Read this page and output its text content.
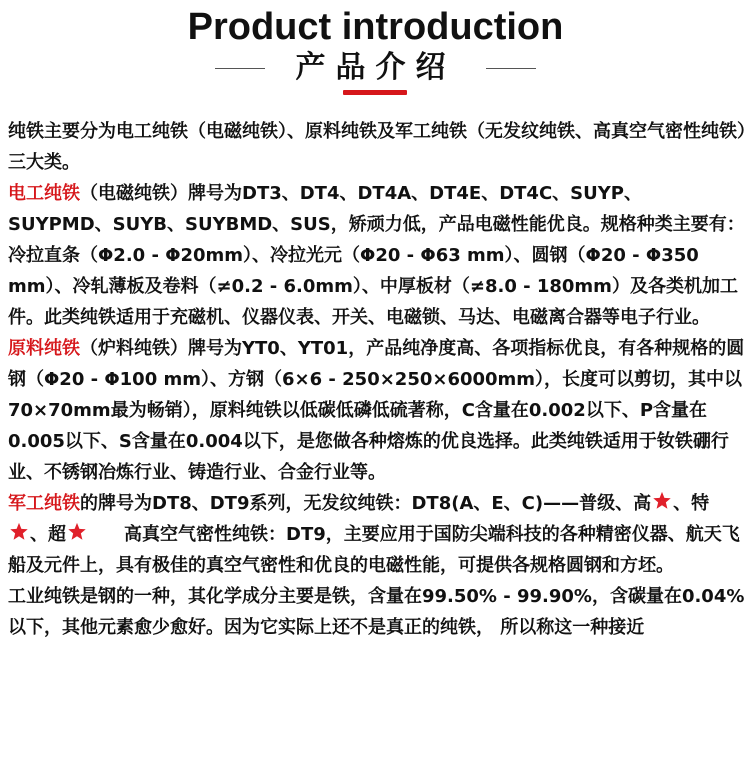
Product introduction
产品介绍

纯铁主要分为电工纯铁（电磁纯铁）、原料纯铁及军工纯铁（无发纹纯铁、高真空气密性纯铁）三大类。

电工纯铁（电磁纯铁）牌号为DT3、DT4、DT4A、DT4E、DT4C、SUYP、SUYPMD、SUYB、SUYBMD、SUS，矫顽力低，产品电磁性能优良。规格种类主要有：冷拉直条（Φ2.0 - Φ20mm）、冷拉光元（Φ20 - Φ63 mm）、圆钢（Φ20 - Φ350 mm）、冷轧薄板及卷料（≠0.2 - 6.0mm）、中厚板材（≠8.0 - 180mm）及各类机加工件。此类纯铁适用于充磁机、仪器仪表、开关、电磁锁、马达、电磁离合器等电子行业。

原料纯铁（炉料纯铁）牌号为YT0、YT01，产品纯净度高、各项指标优良，有各种规格的圆钢（Φ20 - Φ100 mm）、方钢（6×6 - 250×250×6000mm），长度可以剪切，其中以70×70mm最为畅销），原料纯铁以低碳低磷低硫著称，C含量在0.002以下、P含量在0.005以下、S含量在0.004以下，是您做各种熔炼的优良选择。此类纯铁适用于钕铁硼行业、不锈钢冶炼行业、铸造行业、合金行业等。

军工纯铁的牌号为DT8、DT9系列，无发纹纯铁：DT8(A、E、C)——普级、高 、特

、超	高真空气密性纯铁：DT9，主要应用于国防尖端科技的各种精密仪器、航天飞船及元件上，具有极佳的真空气密性和优良的电磁性能，可提供各规格圆钢和方坯。

工业纯铁是钢的一种，其化学成分主要是铁，含量在99.50% - 99.90%，含碳量在0.04%以下，其他元素愈少愈好。因为它实际上还不是真正的纯铁， 所以称这一种接近
